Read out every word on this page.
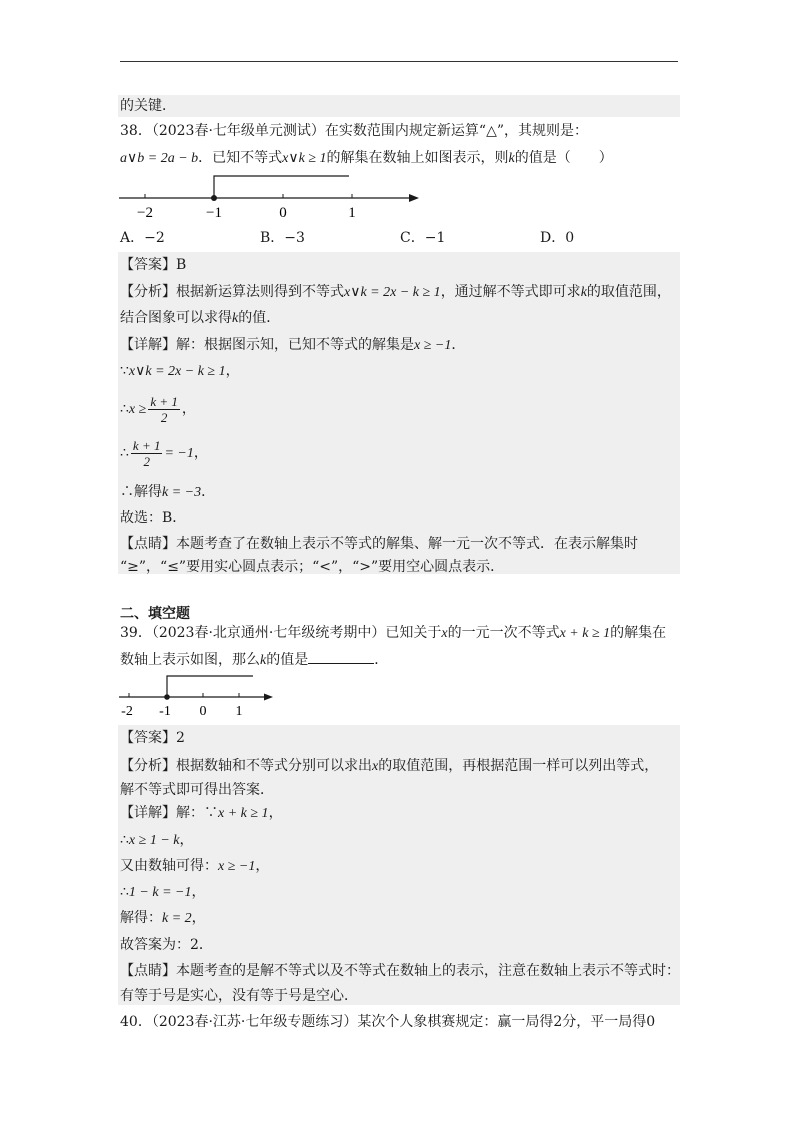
的关键．
38．（2023春·七年级单元测试）在实数范围内规定新运算“△”，其规则是：
a∨b = 2a − b．已知不等式x∨k ≥ 1的解集在数轴上如图表示，则k的值是（　　）
−2	−1	0	1
A．−2	B．−3	C．−1	D．0
【答案】B
【分析】根据新运算法则得到不等式x∨k = 2x − k ≥ 1，通过解不等式即可求k的取值范围，
结合图象可以求得k的值．
【详解】解：根据图示知，已知不等式的解集是x ≥ −1．
∵x∨k = 2x − k ≥ 1，
∴x ≥ $\frac{k + 1}{2}$ ，
∴ $\frac{k + 1}{2} = -1$，
∴解得k = −3．
故选：B．
【点睛】本题考查了在数轴上表示不等式的解集、解一元一次不等式．在表示解集时
“≥”，“≤”要用实心圆点表示；“<”，“>”要用空心圆点表示．
二、填空题
39．（2023春·北京通州·七年级统考期中）已知关于x的一元一次不等式x + k ≥ 1的解集在
数轴上表示如图，那么k的值是	．
-2 -1 0 1
【答案】2
【分析】根据数轴和不等式分别可以求出x的取值范围，再根据范围一样可以列出等式，
解不等式即可得出答案．
【详解】解：∵x + k ≥ 1，
∴x ≥ 1 − k，
又由数轴可得：x ≥ −1，
∴1 − k = −1，
解得：k = 2，
故答案为：2．
【点睛】本题考查的是解不等式以及不等式在数轴上的表示，注意在数轴上表示不等式时：
有等于号是实心，没有等于号是空心．
40．（2023春·江苏·七年级专题练习）某次个人象棋赛规定：赢一局得2分，平一局得0
